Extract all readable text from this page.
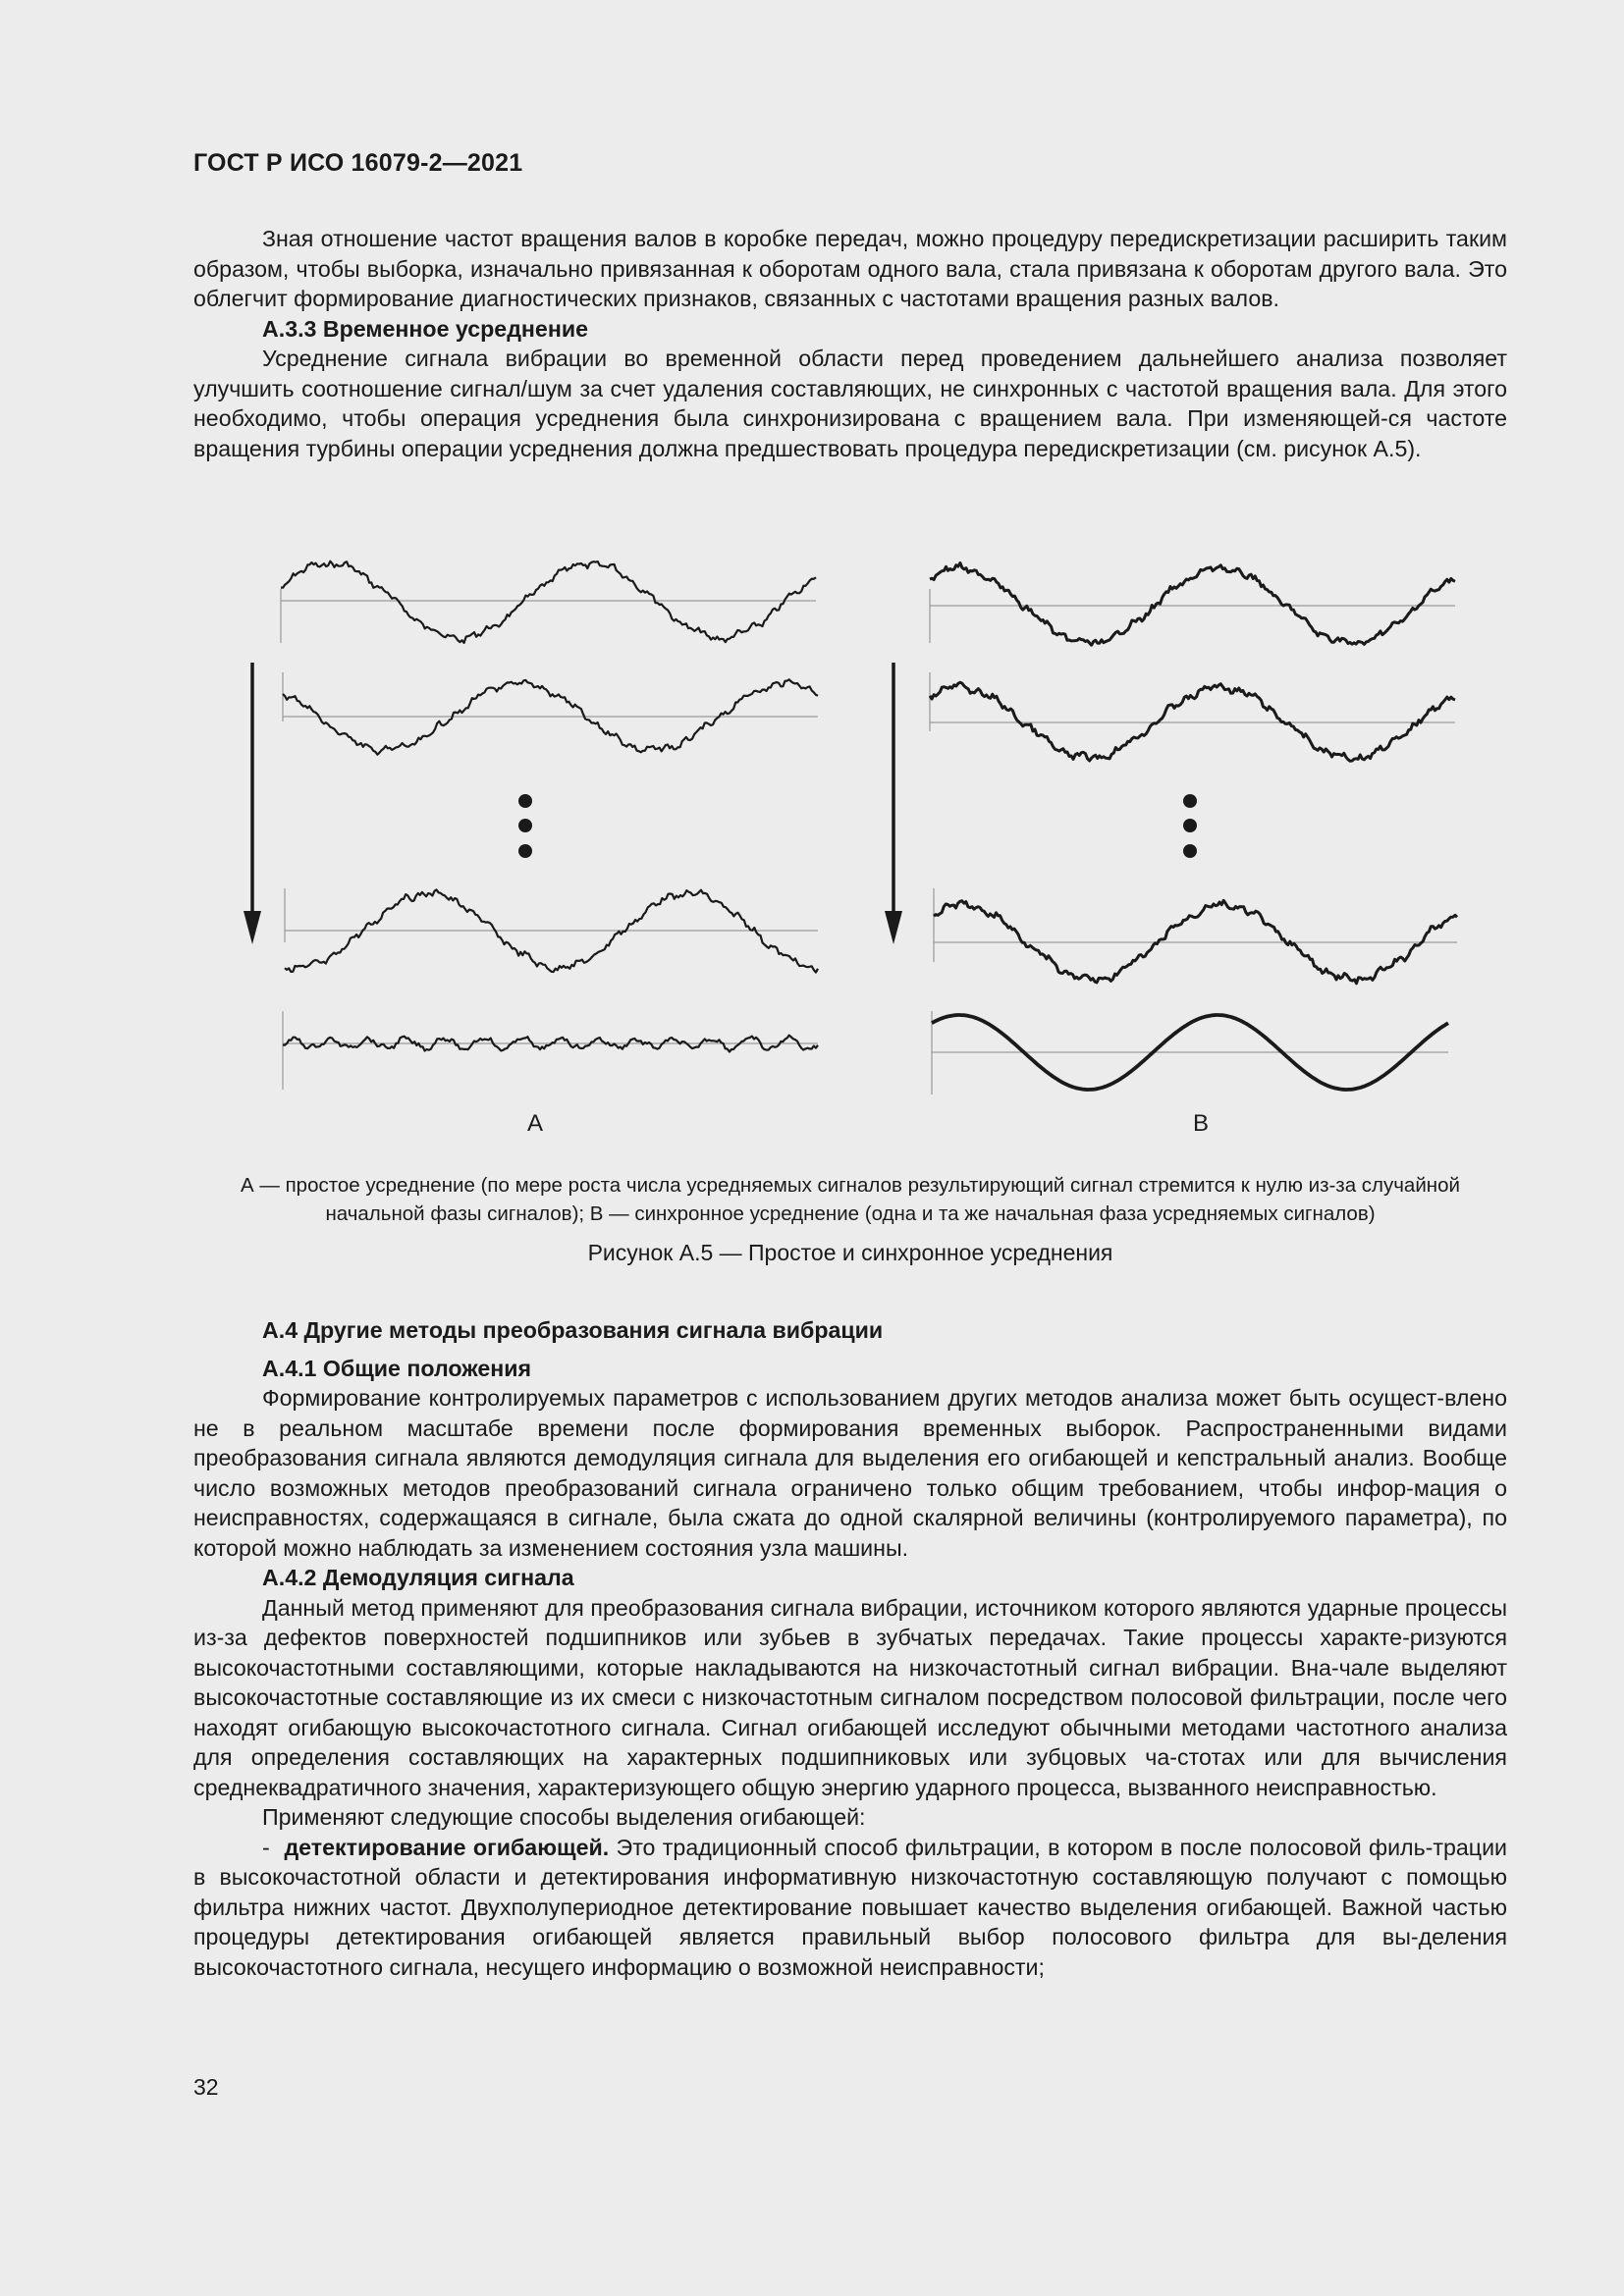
ГОСТ Р ИСО 16079-2—2021

Зная отношение частот вращения валов в коробке передач, можно процедуру передискретизации расширить таким образом, чтобы выборка, изначально привязанная к оборотам одного вала, стала привязана к оборотам другого вала. Это облегчит формирование диагностических признаков, связанных с частотами вращения разных валов.

А.3.3 Временное усреднение

Усреднение сигнала вибрации во временной области перед проведением дальнейшего анализа позволяет улучшить соотношение сигнал/шум за счет удаления составляющих, не синхронных с частотой вращения вала. Для этого необходимо, чтобы операция усреднения была синхронизирована с вращением вала. При изменяющей-ся частоте вращения турбины операции усреднения должна предшествовать процедура передискретизации (см. рисунок А.5).

А	В
А — простое усреднение (по мере роста числа усредняемых сигналов результирующий сигнал стремится к нулю из-за случайной начальной фазы сигналов); В — синхронное усреднение (одна и та же начальная фаза усредняемых сигналов)
Рисунок А.5 — Простое и синхронное усреднения

А.4 Другие методы преобразования сигнала вибрации

А.4.1 Общие положения

Формирование контролируемых параметров с использованием других методов анализа может быть осущест-влено не в реальном масштабе времени после формирования временных выборок. Распространенными видами преобразования сигнала являются демодуляция сигнала для выделения его огибающей и кепстральный анализ. Вообще число возможных методов преобразований сигнала ограничено только общим требованием, чтобы инфор-мация о неисправностях, содержащаяся в сигнале, была сжата до одной скалярной величины (контролируемого параметра), по которой можно наблюдать за изменением состояния узла машины.

А.4.2 Демодуляция сигнала

Данный метод применяют для преобразования сигнала вибрации, источником которого являются ударные процессы из-за дефектов поверхностей подшипников или зубьев в зубчатых передачах. Такие процессы характе-ризуются высокочастотными составляющими, которые накладываются на низкочастотный сигнал вибрации. Вна-чале выделяют высокочастотные составляющие из их смеси с низкочастотным сигналом посредством полосовой фильтрации, после чего находят огибающую высокочастотного сигнала. Сигнал огибающей исследуют обычными методами частотного анализа для определения составляющих на характерных подшипниковых или зубцовых ча-стотах или для вычисления среднеквадратичного значения, характеризующего общую энергию ударного процесса, вызванного неисправностью.

Применяют следующие способы выделения огибающей:

- детектирование огибающей. Это традиционный способ фильтрации, в котором в после полосовой филь-трации в высокочастотной области и детектирования информативную низкочастотную составляющую получают с помощью фильтра нижних частот. Двухполупериодное детектирование повышает качество выделения огибающей. Важной частью процедуры детектирования огибающей является правильный выбор полосового фильтра для вы-деления высокочастотного сигнала, несущего информацию о возможной неисправности;

32
